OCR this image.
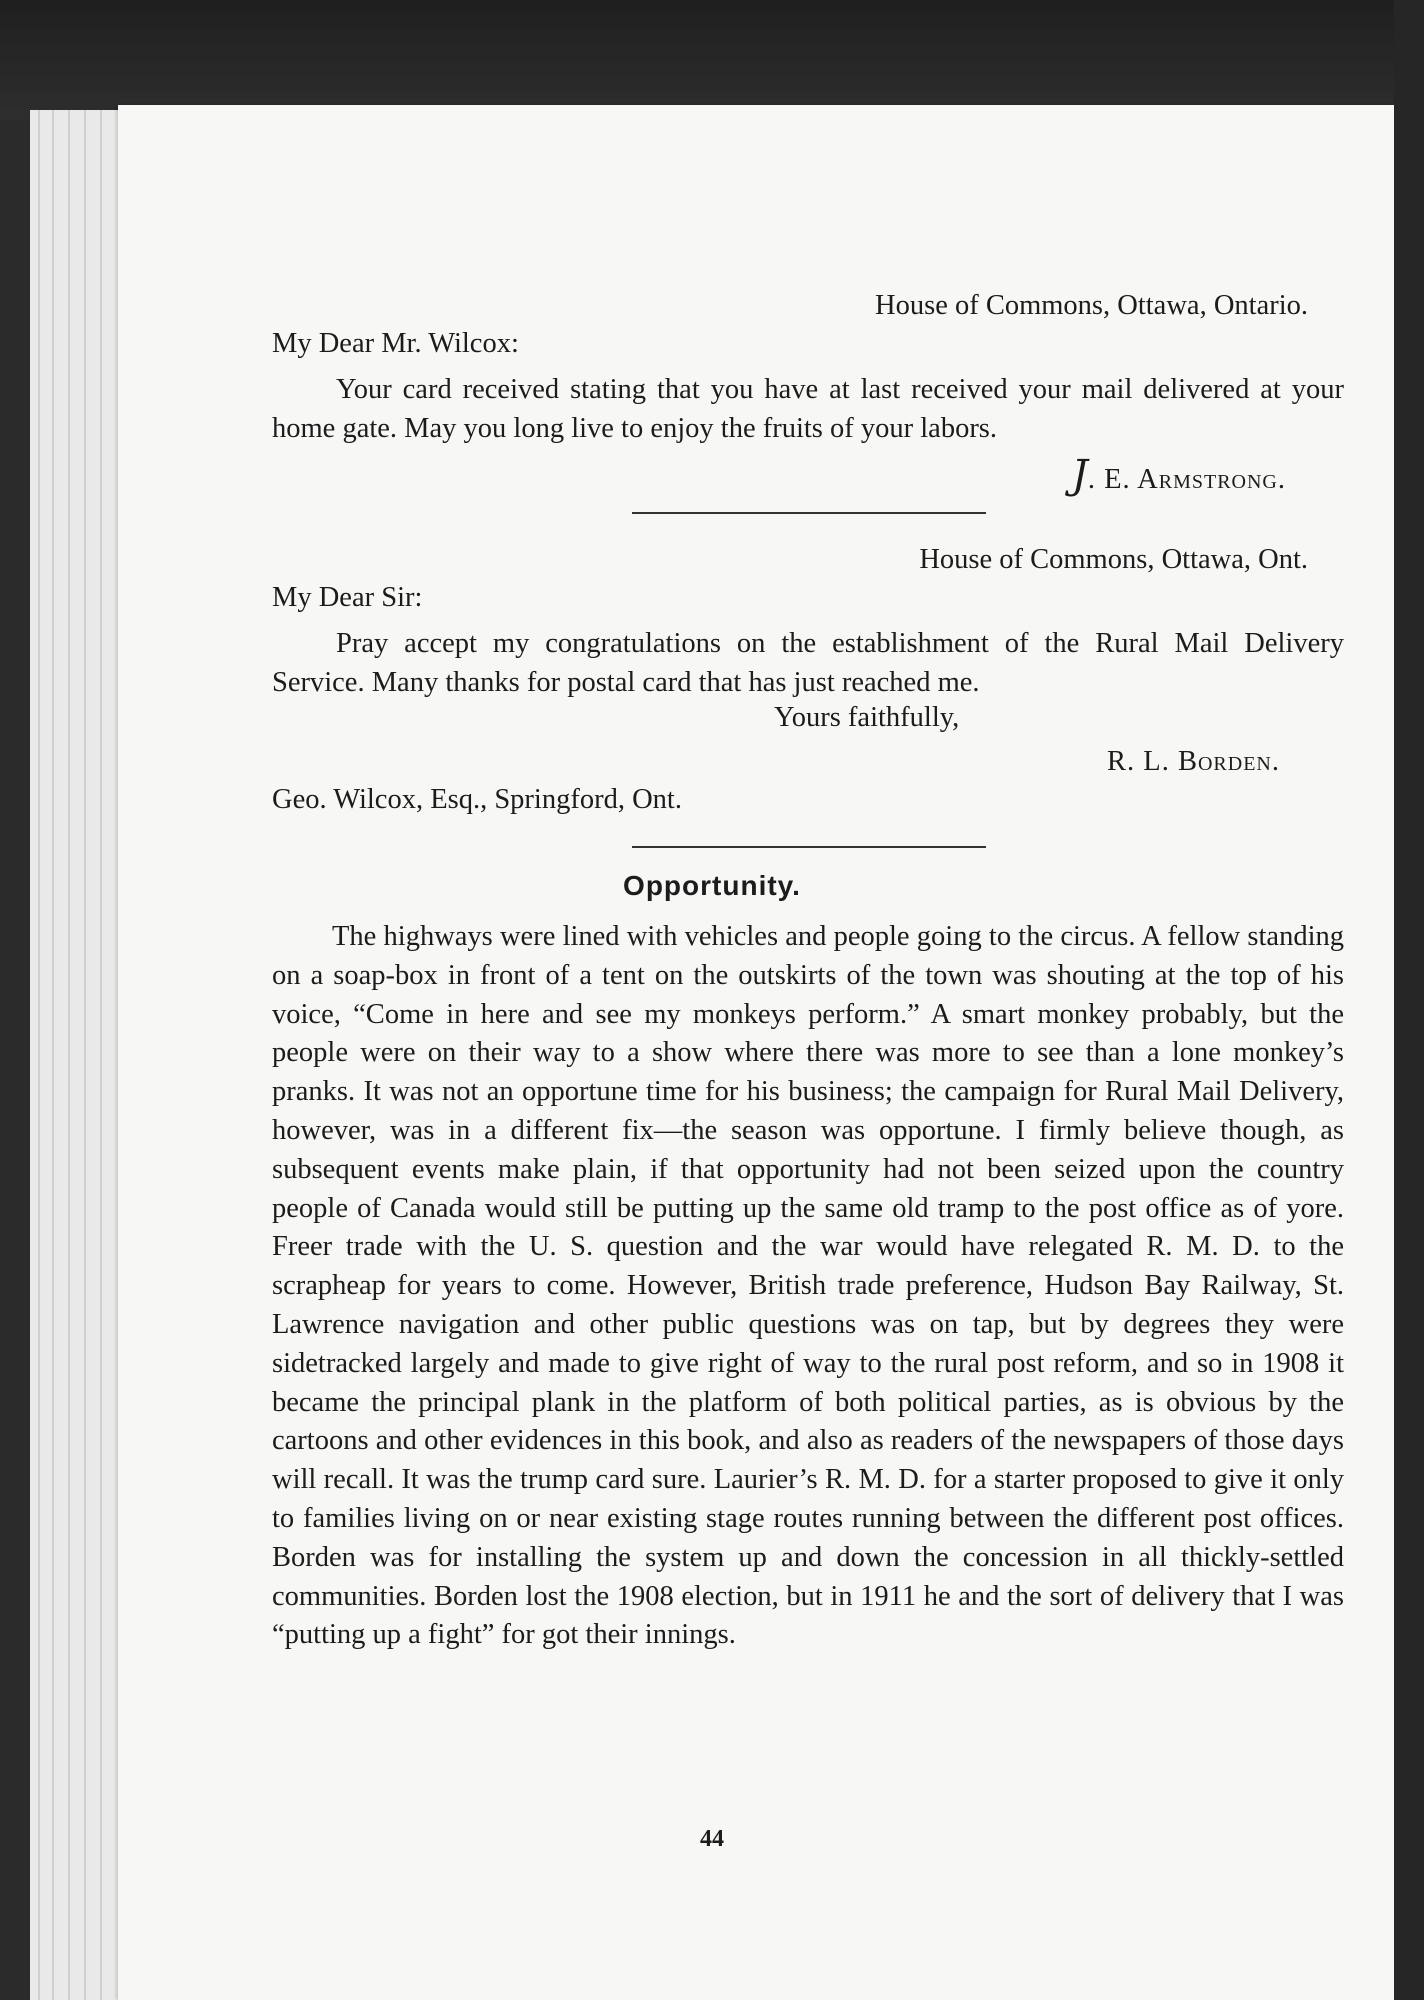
House of Commons, Ottawa, Ontario.
My Dear Mr. Wilcox:

Your card received stating that you have at last received your mail delivered at your home gate. May you long live to enjoy the fruits of your labors.

J. E. Armstrong.
House of Commons, Ottawa, Ont.
My Dear Sir:

Pray accept my congratulations on the establishment of the Rural Mail Delivery Service. Many thanks for postal card that has just reached me.

Yours faithfully,
R. L. Borden.
Geo. Wilcox, Esq., Springford, Ont.
Opportunity.

The highways were lined with vehicles and people going to the circus. A fellow standing on a soap-box in front of a tent on the outskirts of the town was shouting at the top of his voice, “Come in here and see my monkeys perform.” A smart monkey probably, but the people were on their way to a show where there was more to see than a lone monkey’s pranks. It was not an opportune time for his business; the campaign for Rural Mail Delivery, however, was in a different fix—the season was opportune. I firmly believe though, as subsequent events make plain, if that opportunity had not been seized upon the country people of Canada would still be putting up the same old tramp to the post office as of yore. Freer trade with the U. S. question and the war would have relegated R. M. D. to the scrapheap for years to come. However, British trade preference, Hudson Bay Railway, St. Lawrence navigation and other public questions was on tap, but by degrees they were sidetracked largely and made to give right of way to the rural post reform, and so in 1908 it became the principal plank in the platform of both political parties, as is obvious by the cartoons and other evidences in this book, and also as readers of the newspapers of those days will recall. It was the trump card sure. Laurier’s R. M. D. for a starter proposed to give it only to families living on or near existing stage routes running between the different post offices. Borden was for installing the system up and down the concession in all thickly-settled communities. Borden lost the 1908 election, but in 1911 he and the sort of delivery that I was “putting up a fight” for got their innings.

44
